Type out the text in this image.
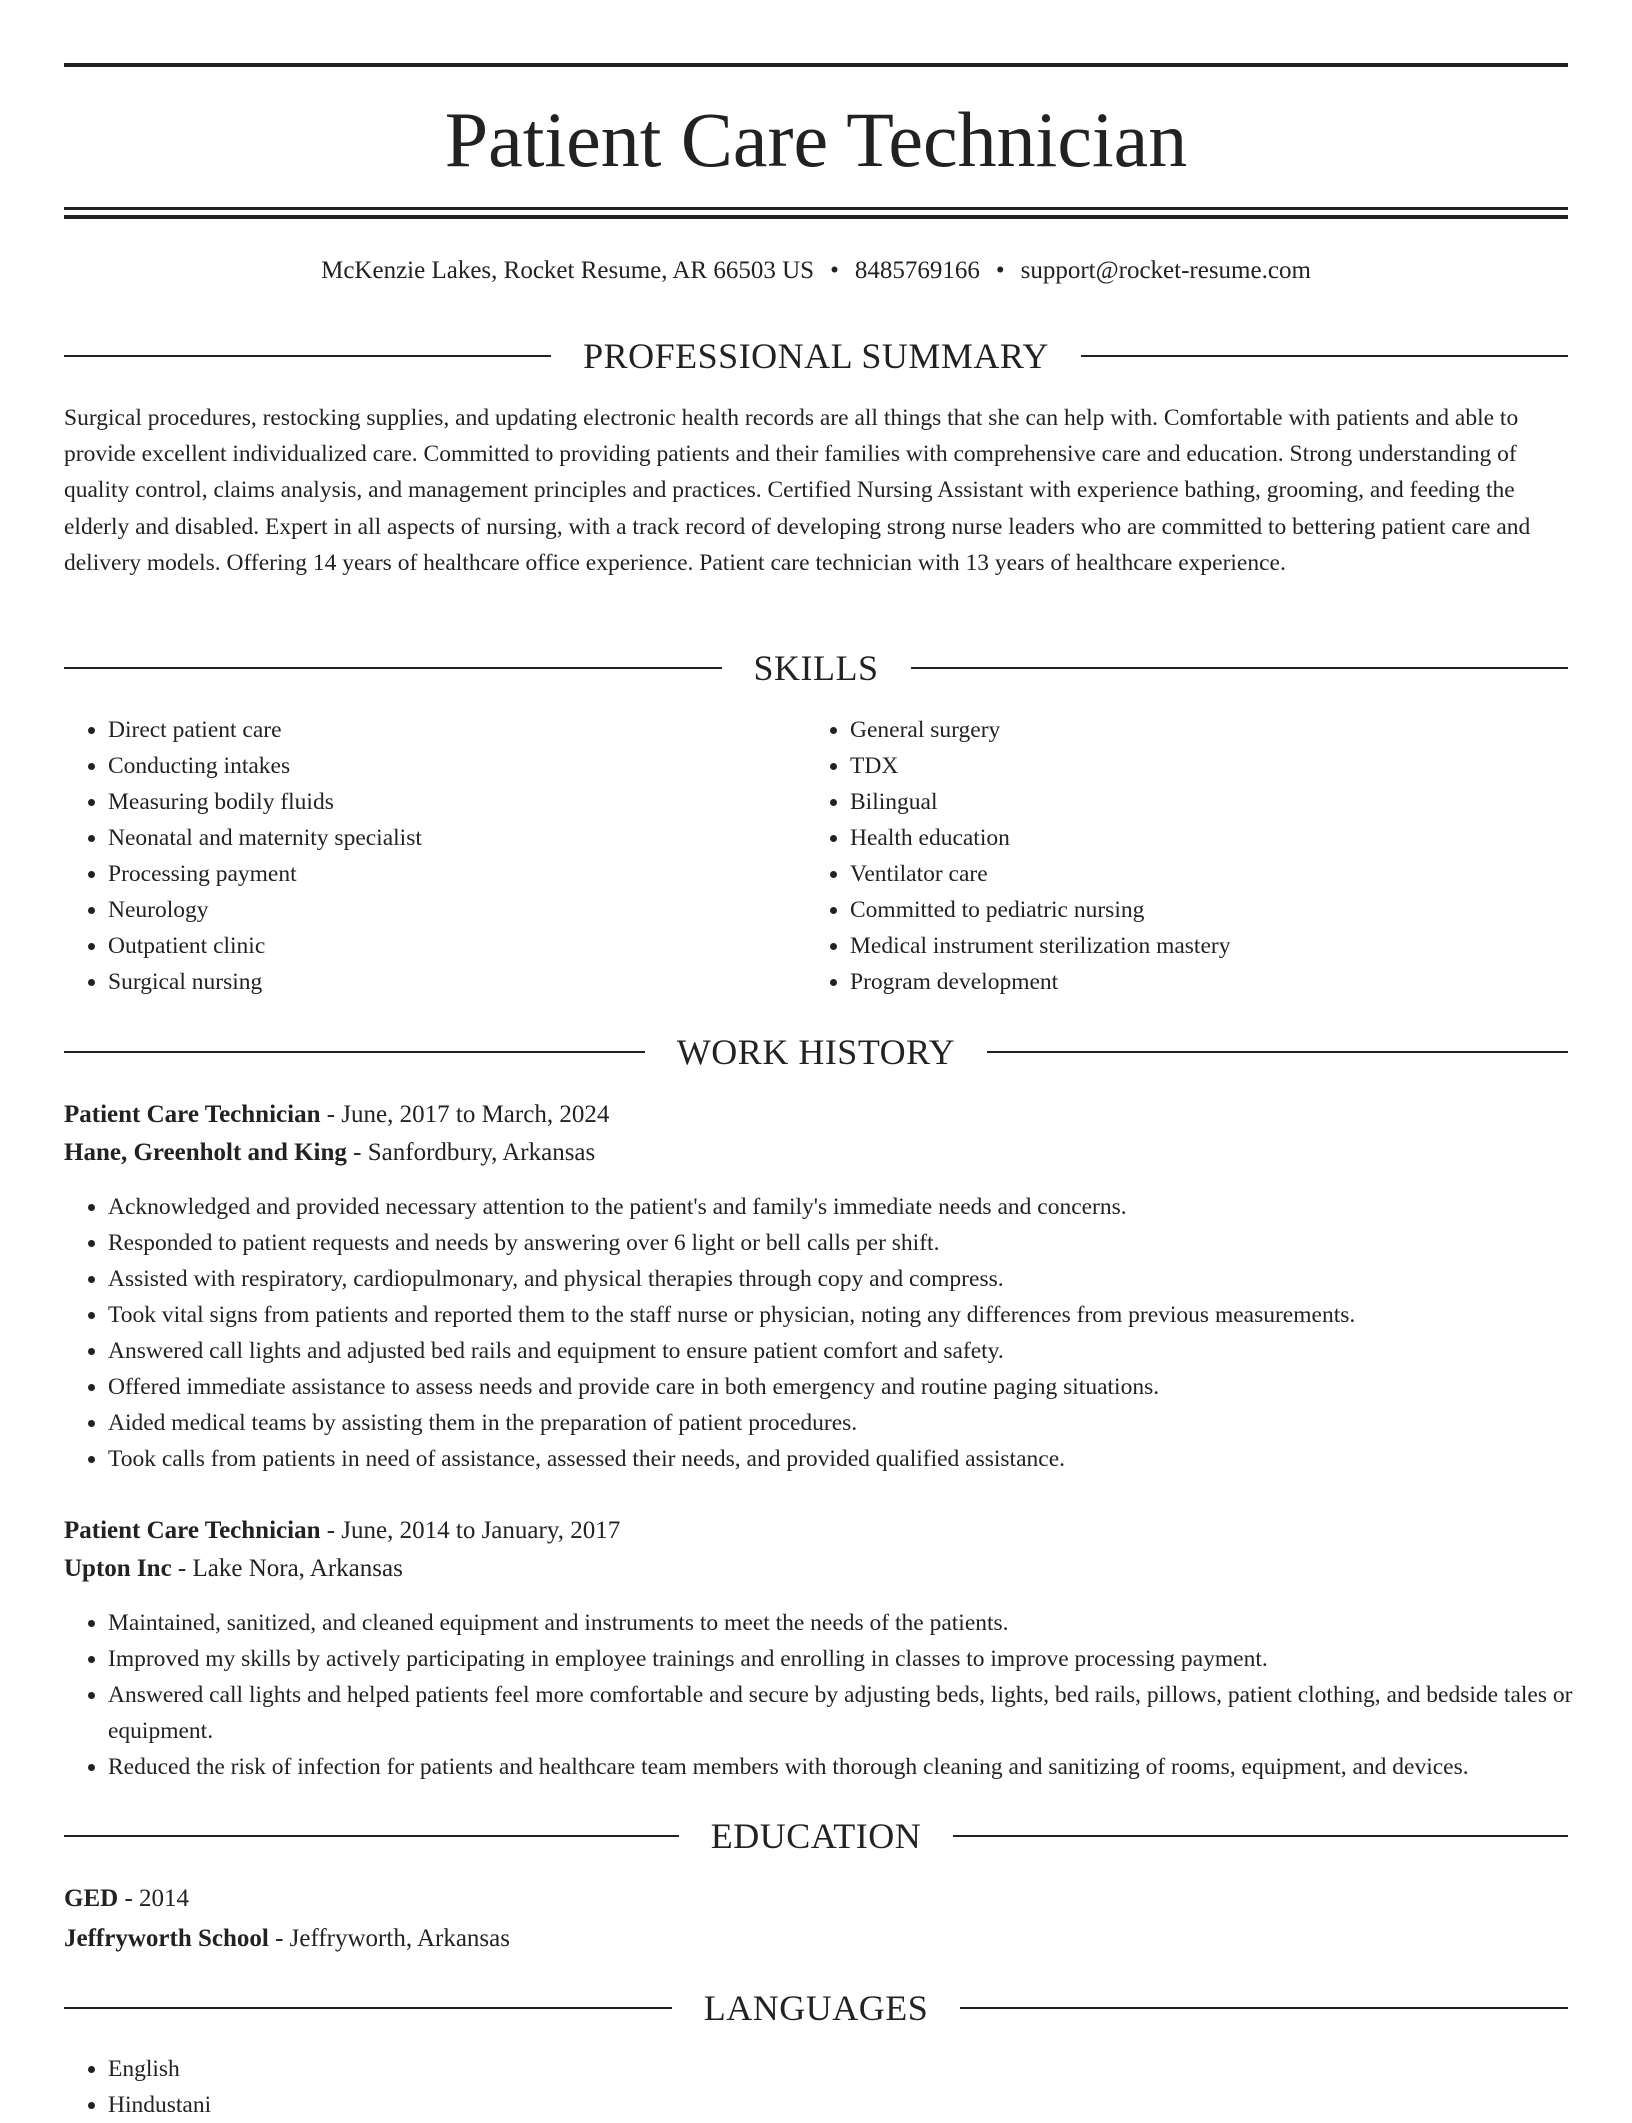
Patient Care Technician

McKenzie Lakes, Rocket Resume, AR 66503 US • 8485769166 • support@rocket-resume.com

PROFESSIONAL SUMMARY

Surgical procedures, restocking supplies, and updating electronic health records are all things that she can help with. Comfortable with patients and able to provide excellent individualized care. Committed to providing patients and their families with comprehensive care and education. Strong understanding of quality control, claims analysis, and management principles and practices. Certified Nursing Assistant with experience bathing, grooming, and feeding the elderly and disabled. Expert in all aspects of nursing, with a track record of developing strong nurse leaders who are committed to bettering patient care and delivery models. Offering 14 years of healthcare office experience. Patient care technician with 13 years of healthcare experience.

SKILLS
• Direct patient care
• Conducting intakes
• Measuring bodily fluids
• Neonatal and maternity specialist
• Processing payment
• Neurology
• Outpatient clinic
• Surgical nursing
• General surgery
• TDX
• Bilingual
• Health education
• Ventilator care
• Committed to pediatric nursing
• Medical instrument sterilization mastery
• Program development
WORK HISTORY

Patient Care Technician - June, 2017 to March, 2024

Hane, Greenholt and King - Sanfordbury, Arkansas

• Acknowledged and provided necessary attention to the patient's and family's immediate needs and concerns.
• Responded to patient requests and needs by answering over 6 light or bell calls per shift.
• Assisted with respiratory, cardiopulmonary, and physical therapies through copy and compress.
• Took vital signs from patients and reported them to the staff nurse or physician, noting any differences from previous measurements.
• Answered call lights and adjusted bed rails and equipment to ensure patient comfort and safety.
• Offered immediate assistance to assess needs and provide care in both emergency and routine paging situations.
• Aided medical teams by assisting them in the preparation of patient procedures.
• Took calls from patients in need of assistance, assessed their needs, and provided qualified assistance.

Patient Care Technician - June, 2014 to January, 2017

Upton Inc - Lake Nora, Arkansas

• Maintained, sanitized, and cleaned equipment and instruments to meet the needs of the patients.
• Improved my skills by actively participating in employee trainings and enrolling in classes to improve processing payment.
• Answered call lights and helped patients feel more comfortable and secure by adjusting beds, lights, bed rails, pillows, patient clothing, and bedside tales or equipment.
• Reduced the risk of infection for patients and healthcare team members with thorough cleaning and sanitizing of rooms, equipment, and devices.
EDUCATION

GED - 2014

Jeffryworth School - Jeffryworth, Arkansas

LANGUAGES
• English
• Hindustani
